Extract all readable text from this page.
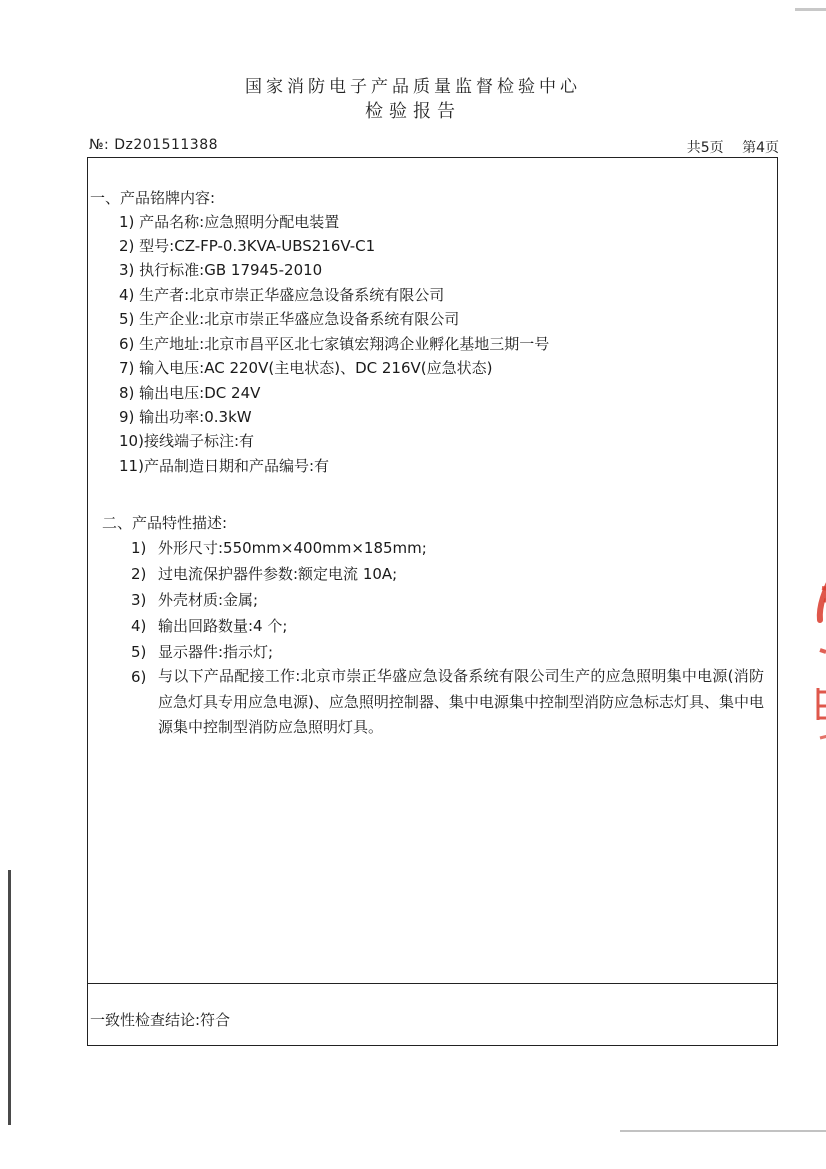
国家消防电子产品质量监督检验中心
检验报告
№: Dz201511388	共5页 第4页
一、产品铭牌内容:
1) 产品名称:应急照明分配电装置
2) 型号:CZ-FP-0.3KVA-UBS216V-C1
3) 执行标准:GB 17945-2010
4) 生产者:北京市崇正华盛应急设备系统有限公司
5) 生产企业:北京市崇正华盛应急设备系统有限公司
6) 生产地址:北京市昌平区北七家镇宏翔鸿企业孵化基地三期一号
7) 输入电压:AC 220V(主电状态)、DC 216V(应急状态)
8) 输出电压:DC 24V
9) 输出功率:0.3kW
10)接线端子标注:有
11)产品制造日期和产品编号:有
二、产品特性描述:
1) 外形尺寸:550mm×400mm×185mm;
2) 过电流保护器件参数:额定电流 10A;
3) 外壳材质:金属;
4) 输出回路数量:4 个;
5) 显示器件:指示灯;
6) 与以下产品配接工作:北京市崇正华盛应急设备系统有限公司生产的应急照明集中电源(消防应急灯具专用应急电源)、应急照明控制器、集中电源集中控制型消防应急标志灯具、集中电源集中控制型消防应急照明灯具。
一致性检查结论:符合
